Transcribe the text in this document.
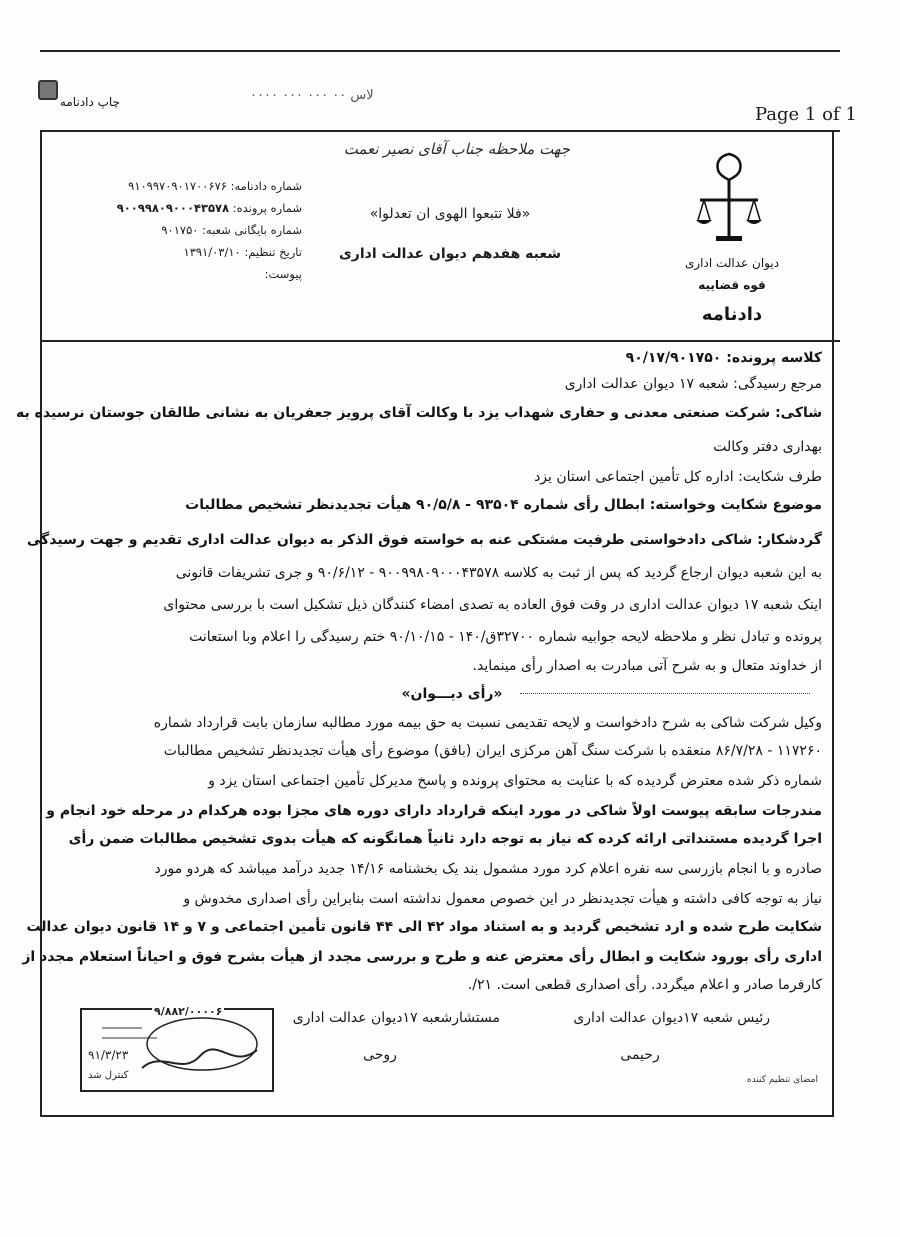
لاس ۰۰ ۰۰۰ ۰۰۰ ۰۰۰۰
چاپ دادنامه
Page 1 of 1
جهت ملاحظه جناب آقای نصیر نعمت
دیوان عدالت اداری
قوه قضاییه
دادنامه
«فلا تتبعوا الهوی ان تعدلوا»
شعبه هفدهم دیوان عدالت اداری
شماره دادنامه: ۹۱۰۹۹۷۰۹۰۱۷۰۰۶۷۶
شماره پرونده: ۹۰۰۹۹۸۰۹۰۰۰۴۳۵۷۸
شماره بایگانی شعبه: ۹۰۱۷۵۰
تاریخ تنظیم: ۱۳۹۱/۰۳/۱۰
پیوست:

کلاسه پرونده: ۹۰/۱۷/۹۰۱۷۵۰

مرجع رسیدگی: شعبه ۱۷ دیوان عدالت اداری

شاکی: شرکت صنعتی معدنی و حفاری شهداب یزد با وکالت آقای پرویز جعفریان به نشانی طالقان جوستان نرسیده به

بهداری دفتر وکالت

طرف شکایت: اداره کل تأمین اجتماعی استان یزد

موضوع شکایت وخواسته: ابطال رأی شماره ۹۳۵۰۴ - ۹۰/۵/۸ هیأت تجدیدنظر تشخیص مطالبات

گردشکار: شاکی دادخواستی طرفیت مشتکی عنه به خواسته فوق الذکر به دیوان عدالت اداری تقدیم و جهت رسیدگی

به این شعبه دیوان ارجاع گردید که پس از ثبت به کلاسه ۹۰۰۹۹۸۰۹۰۰۰۴۳۵۷۸ - ۹۰/۶/۱۲ و جری تشریفات قانونی

اینک شعبه ۱۷ دیوان عدالت اداری در وقت فوق العاده به تصدی امضاء کنندگان ذیل تشکیل است با بررسی محتوای

پرونده و تبادل نظر و ملاحظه لایحه جوابیه شماره ۳۲۷۰۰ق/۱۴۰ - ۹۰/۱۰/۱۵ ختم رسیدگی را اعلام وبا استعانت

از خداوند متعال و به شرح آتی مبادرت به اصدار رأی مینماید.

«رأی دیـــوان»

وکیل شرکت شاکی به شرح دادخواست و لایحه تقدیمی نسبت به حق بیمه مورد مطالبه سازمان بابت قرارداد شماره

۱۱۷۲۶۰ - ۸۶/۷/۲۸ منعقده با شرکت سنگ آهن مرکزی ایران (بافق) موضوع رأی هیأت تجدیدنظر تشخیص مطالبات

شماره ذکر شده معترض گردیده که با عنایت به محتوای پرونده و پاسخ مدیرکل تأمین اجتماعی استان یزد و

مندرجات سابقه پیوست اولاً شاکی در مورد اینکه قرارداد دارای دوره های مجزا بوده هرکدام در مرحله خود انجام و

اجرا گردیده مستنداتی ارائه کرده که نیاز به توجه دارد ثانیاً همانگونه که هیأت بدوی تشخیص مطالبات ضمن رأی

صادره و با انجام بازرسی سه نفره اعلام کرد مورد مشمول بند یک بخشنامه ۱۴/۱۶ جدید درآمد میباشد که هردو مورد

نیاز به توجه کافی داشته و هیأت تجدیدنظر در این خصوص معمول نداشته است بنابراین رأی اصداری مخدوش و

شکایت طرح شده و ارد تشخیص گردید و به استناد مواد ۴۲ الی ۴۴ قانون تأمین اجتماعی و ۷ و ۱۴ قانون دیوان عدالت

اداری رأی بورود شکایت و ابطال رأی معترض عنه و طرح و بررسی مجدد از هیأت بشرح فوق و احیاناً استعلام مجدد از

کارفرما صادر و اعلام میگردد. رأی اصداری قطعی است. ۲۱/.

رئیس شعبه ۱۷دیوان عدالت اداری
رحیمی
مستشارشعبه ۱۷دیوان عدالت اداری
روحی
امضای تنظیم کننده
۹/۸۸۲/۰۰۰۰۶
۹۱/۳/۲۳
کنترل شد
